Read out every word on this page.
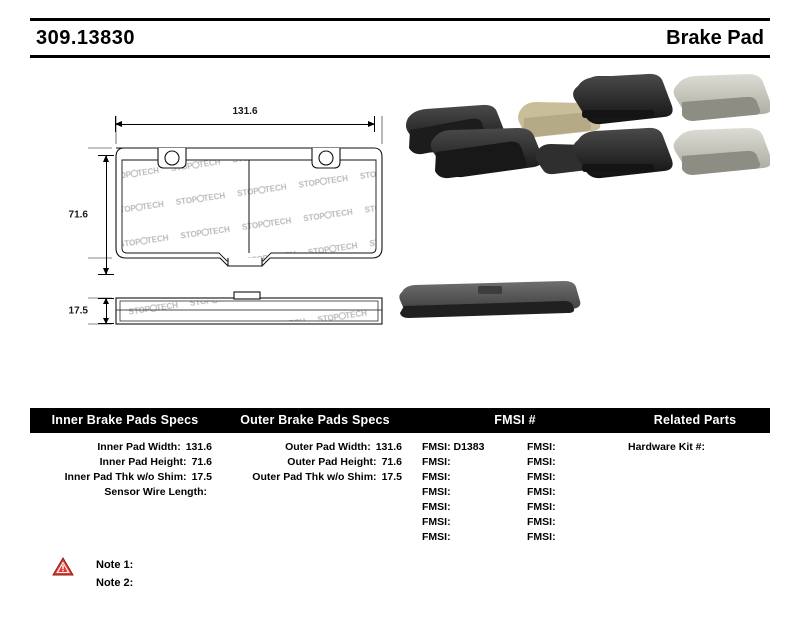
309.13830	Brake Pad
131.6
71.6
17.5
Inner Brake Pads Specs
Inner Pad Width: 131.6
Inner Pad Height: 71.6
Inner Pad Thk w/o Shim: 17.5
Sensor Wire Length:
Outer Brake Pads Specs
Outer Pad Width: 131.6
Outer Pad Height: 71.6
Outer Pad Thk w/o Shim: 17.5
FMSI #
FMSI: D1383
FMSI:
FMSI:
FMSI:
FMSI:
FMSI:
FMSI:
FMSI:
FMSI:
FMSI:
FMSI:
FMSI:
FMSI:
FMSI:
Related Parts
Hardware Kit #:
Note 1:
Note 2:
